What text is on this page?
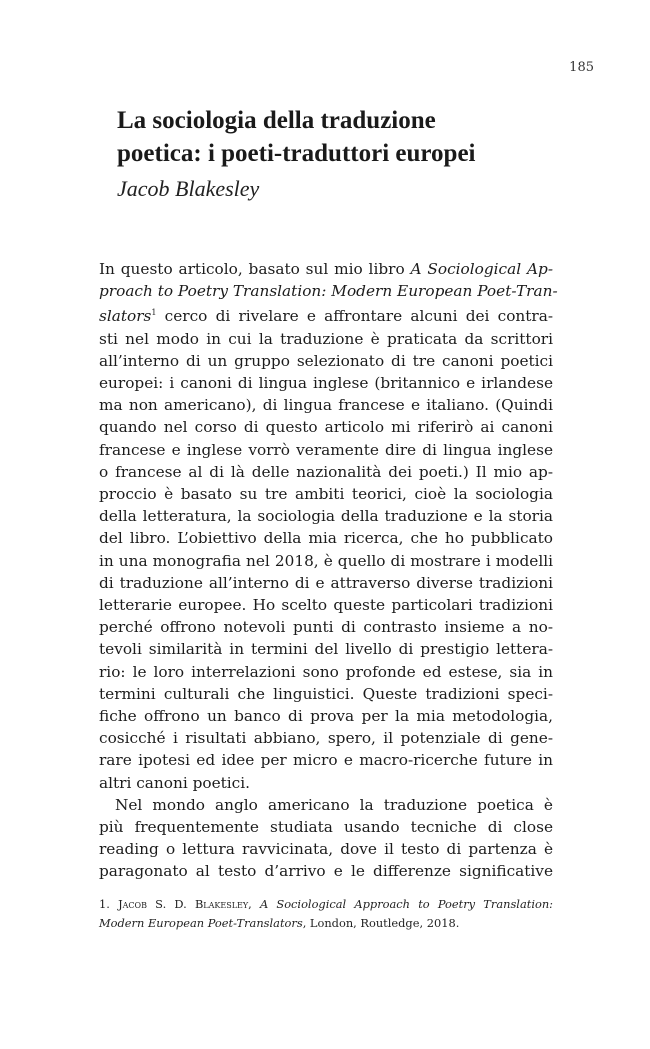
185
La sociologia della traduzione
poetica: i poeti-traduttori europei
Jacob Blakesley
In questo articolo, basato sul mio libro A Sociological Ap-
proach to Poetry Translation: Modern European Poet-Tran-
slators$^1$ cerco di rivelare e affrontare alcuni dei contra-
sti nel modo in cui la traduzione è praticata da scrittori
all’interno di un gruppo selezionato di tre canoni poetici
europei: i canoni di lingua inglese (britannico e irlandese
ma non americano), di lingua francese e italiano. (Quindi
quando nel corso di questo articolo mi riferirò ai canoni
francese e inglese vorrò veramente dire di lingua inglese
o francese al di là delle nazionalità dei poeti.) Il mio ap-
proccio è basato su tre ambiti teorici, cioè la sociologia
della letteratura, la sociologia della traduzione e la storia
del libro. L’obiettivo della mia ricerca, che ho pubblicato
in una monografia nel 2018, è quello di mostrare i modelli
di traduzione all’interno di e attraverso diverse tradizioni
letterarie europee. Ho scelto queste particolari tradizioni
perché offrono notevoli punti di contrasto insieme a no-
tevoli similarità in termini del livello di prestigio lettera-
rio: le loro interrelazioni sono profonde ed estese, sia in
termini culturali che linguistici. Queste tradizioni speci-
fiche offrono un banco di prova per la mia metodologia,
cosicché i risultati abbiano, spero, il potenziale di gene-
rare ipotesi ed idee per micro e macro-ricerche future in
altri canoni poetici.
Nel mondo anglo americano la traduzione poetica è
più frequentemente studiata usando tecniche di close
reading o lettura ravvicinata, dove il testo di partenza è
paragonato al testo d’arrivo e le differenze significative
1. Jacob S. D. Blakesley, A Sociological Approach to Poetry Translation:
Modern European Poet-Translators, London, Routledge, 2018.
